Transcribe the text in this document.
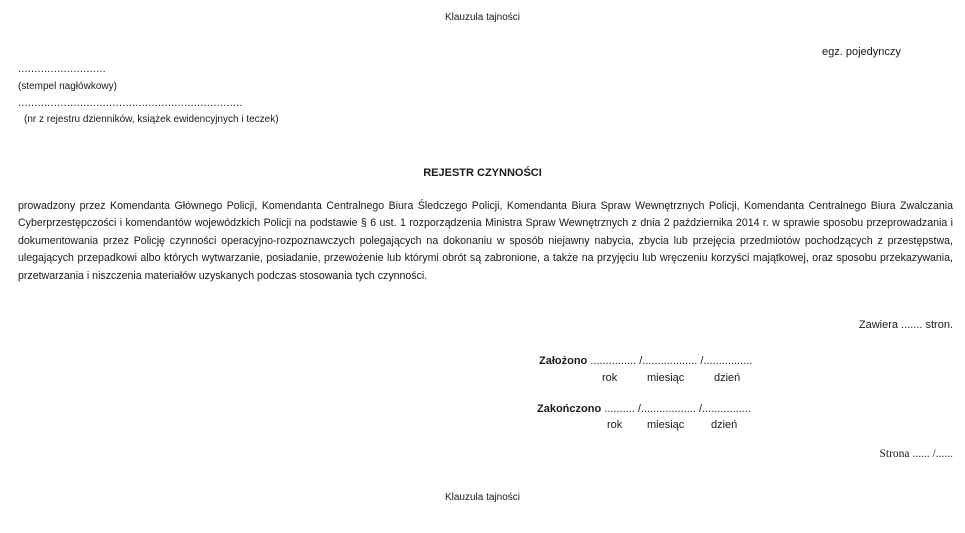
Klauzula tajności
egz. pojedynczy
...........................
(stempel nagłówkowy)
.....................................................................
(nr z rejestru dzienników, książek ewidencyjnych i teczek)
REJESTR CZYNNOŚCI
prowadzony przez Komendanta Głównego Policji, Komendanta Centralnego Biura Śledczego Policji, Komendanta Biura Spraw Wewnętrznych Policji, Komendanta Centralnego Biura Zwalczania Cyberprzestępczości i komendantów wojewódzkich Policji na podstawie § 6 ust. 1 rozporządzenia Ministra Spraw Wewnętrznych z dnia 2 października 2014 r. w sprawie sposobu przeprowadzania i dokumentowania przez Policję czynności operacyjno-rozpoznawczych polegających na dokonaniu w sposób niejawny nabycia, zbycia lub przejęcia przedmiotów pochodzących z przestępstwa, ulegających przepadkowi albo których wytwarzanie, posiadanie, przewożenie lub którymi obrót są zabronione, a także na przyjęciu lub wręczeniu korzyści majątkowej, oraz sposobu przekazywania, przetwarzania i niszczenia materiałów uzyskanych podczas stosowania tych czynności.
Zawiera ....... stron.
Założono ............... /.................. /................
rok	miesiąc	dzień
Zakończono .......... /.................. /................
rok miesiąc dzień
Strona ...... /......
Klauzula tajności
